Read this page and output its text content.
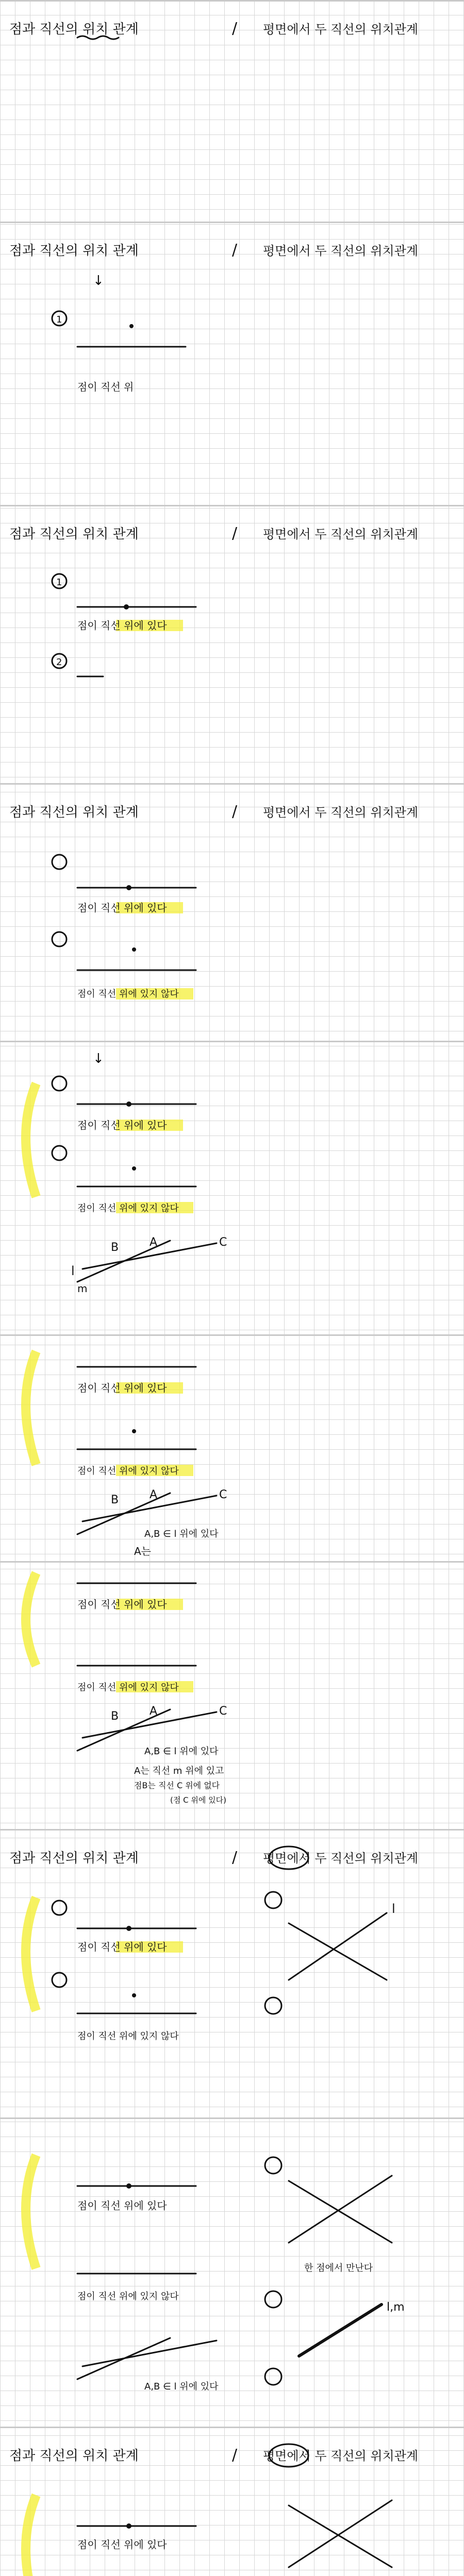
점과 직선의 위치 관계	/ 평면에서 두 직선의 위치관계
점과 직선의 위치 관계	/ 평면에서 두 직선의 위치관계
↓
1
점이 직선 위
점과 직선의 위치 관계	/ 평면에서 두 직선의 위치관계
1
점이 직선 위에 있다
2
점과 직선의 위치 관계	/ 평면에서 두 직선의 위치관계
점이 직선 위에 있다
점이 직선 위에 있지 않다
↓
점이 직선 위에 있다
점이 직선 위에 있지 않다
B	A
l
m
C
점이 직선 위에 있다
점이 직선 위에 있지 않다
B	A	C
A,B ∈ l 위에 있다
A는
점이 직선 위에 있다
점이 직선 위에 있지 않다
B	A	C
A,B ∈ l 위에 있다
A는 직선 m 위에 있고
점B는 직선 C 위에 없다
(점 C 위에 있다)
점과 직선의 위치 관계	/ 평면에서 두 직선의 위치관계
점이 직선 위에 있다
점이 직선 위에 있지 않다
l
점이 직선 위에 있다
점이 직선 위에 있지 않다
A,B ∈ l 위에 있다
한 점에서 만난다
l,m
점과 직선의 위치 관계	/ 평면에서 두 직선의 위치관계
점이 직선 위에 있다
